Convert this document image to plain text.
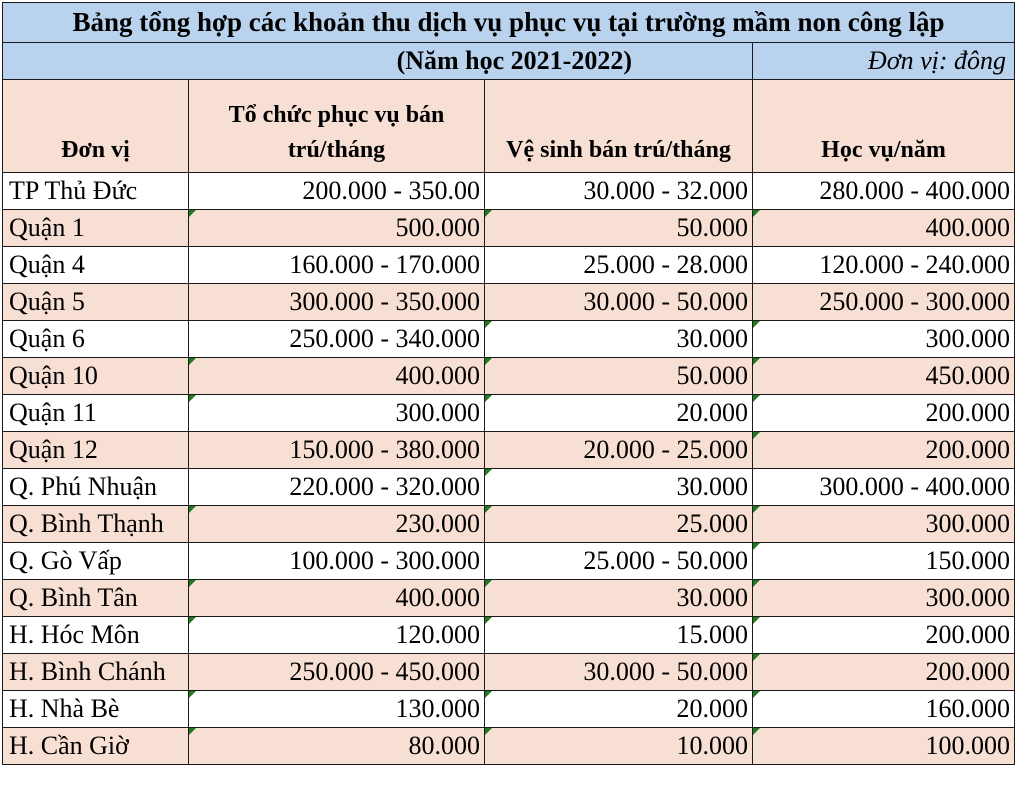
Bảng tổng hợp các khoản thu dịch vụ phục vụ tại trường mầm non công lập			
(Năm học 2021-2022)			Đơn vị: đông
Đơn vị	Tổ chức phục vụ bán trú/tháng	Vệ sinh bán trú/tháng	Học vụ/năm
TP Thủ Đức	200.000 - 350.00	30.000 - 32.000	280.000 - 400.000
Quận 1	500.000	50.000	400.000
Quận 4	160.000 - 170.000	25.000 - 28.000	120.000 - 240.000
Quận 5	300.000 - 350.000	30.000 - 50.000	250.000 - 300.000
Quận 6	250.000 - 340.000	30.000	300.000
Quận 10	400.000	50.000	450.000
Quận 11	300.000	20.000	200.000
Quận 12	150.000 - 380.000	20.000 - 25.000	200.000
Q. Phú Nhuận	220.000 - 320.000	30.000	300.000 - 400.000
Q. Bình Thạnh	230.000	25.000	300.000
Q. Gò Vấp	100.000 - 300.000	25.000 - 50.000	150.000
Q. Bình Tân	400.000	30.000	300.000
H. Hóc Môn	120.000	15.000	200.000
H. Bình Chánh	250.000 - 450.000	30.000 - 50.000	200.000
H. Nhà Bè	130.000	20.000	160.000
H. Cần Giờ	80.000	10.000	100.000
